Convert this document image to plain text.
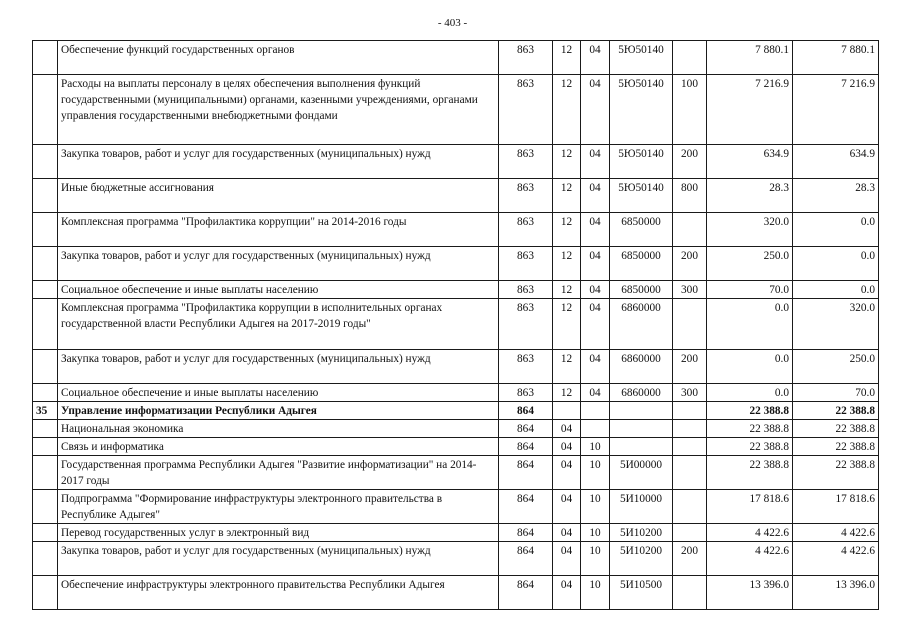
- 403 -
	Обеспечение функций государственных органов	863	12	04	5Ю50140		7 880.1	7 880.1
	Расходы на выплаты персоналу в целях обеспечения выполнения функций государственными (муниципальными) органами, казенными учреждениями, органами управления государственными внебюджетными фондами	863	12	04	5Ю50140	100	7 216.9	7 216.9
	Закупка товаров, работ и услуг для государственных (муниципальных) нужд	863	12	04	5Ю50140	200	634.9	634.9
	Иные бюджетные ассигнования	863	12	04	5Ю50140	800	28.3	28.3
	Комплексная программа "Профилактика коррупции" на 2014-2016 годы	863	12	04	6850000		320.0	0.0
	Закупка товаров, работ и услуг для государственных (муниципальных) нужд	863	12	04	6850000	200	250.0	0.0
	Социальное обеспечение и иные выплаты населению	863	12	04	6850000	300	70.0	0.0
	Комплексная программа "Профилактика коррупции в исполнительных органах государственной власти Республики Адыгея на 2017-2019 годы"	863	12	04	6860000		0.0	320.0
	Закупка товаров, работ и услуг для государственных (муниципальных) нужд	863	12	04	6860000	200	0.0	250.0
	Социальное обеспечение и иные выплаты населению	863	12	04	6860000	300	0.0	70.0
35	Управление информатизации Республики Адыгея	864					22 388.8	22 388.8
	Национальная экономика	864	04				22 388.8	22 388.8
	Связь и информатика	864	04	10			22 388.8	22 388.8
	Государственная программа Республики Адыгея "Развитие информатизации" на 2014-2017 годы	864	04	10	5И00000		22 388.8	22 388.8
	Подпрограмма "Формирование инфраструктуры электронного правительства в Республике Адыгея"	864	04	10	5И10000		17 818.6	17 818.6
	Перевод государственных услуг в электронный вид	864	04	10	5И10200		4 422.6	4 422.6
	Закупка товаров, работ и услуг для государственных (муниципальных) нужд	864	04	10	5И10200	200	4 422.6	4 422.6
	Обеспечение инфраструктуры электронного правительства Республики Адыгея	864	04	10	5И10500		13 396.0	13 396.0
